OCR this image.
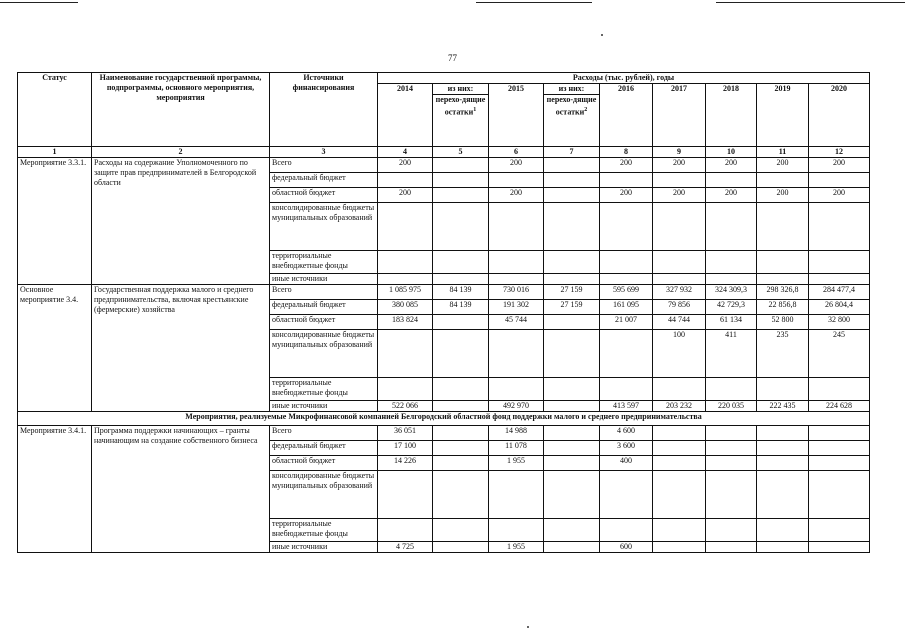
77
Статус	Наименование государственной программы, подпрограммы, основного мероприятия, мероприятия	Источники финансирования	Расходы (тыс. рублей), годы								
			2014	из них:	2015	из них:	2016	2017	2018	2019	2020
				перехо-дящие остатки$^1$		перехо-дящие остатки$^2$

1	2	3	4	5	6	7	8	9	10	11	12
Мероприятие 3.3.1.	Расходы на содержание Уполномоченного по защите прав предпринимателей в Белгородской области	Всего	200		200		200	200	200	200	200
		федеральный бюджет									
		областной бюджет	200		200		200	200	200	200	200
		консолидированные бюджеты муниципальных образований									
		территориальные внебюджетные фонды									
		иные источники									
Основное мероприятие 3.4.	Государственная поддержка малого и среднего предпринимательства, включая крестьянские (фермерские) хозяйства	Всего	1 085 975	84 139	730 016	27 159	595 699	327 932	324 309,3	298 326,8	284 477,4
		федеральный бюджет	380 085	84 139	191 302	27 159	161 095	79 856	42 729,3	22 856,8	26 804,4
		областной бюджет	183 824		45 744		21 007	44 744	61 134	52 800	32 800
		консолидированные бюджеты муниципальных образований						100	411	235	245
		территориальные внебюджетные фонды									
		иные источники	522 066		492 970		413 597	203 232	220 035	222 435	224 628
Мероприятия, реализуемые Микрофинансовой компанией Белгородский областной фонд поддержки малого и среднего предпринимательства											
Мероприятие 3.4.1.	Программа поддержки начинающих – гранты начинающим на создание собственного бизнеса	Всего	36 051		14 988		4 600				
		федеральный бюджет	17 100		11 078		3 600				
		областной бюджет	14 226		1 955		400				
		консолидированные бюджеты муниципальных образований									
		территориальные внебюджетные фонды									
		иные источники	4 725		1 955		600				
